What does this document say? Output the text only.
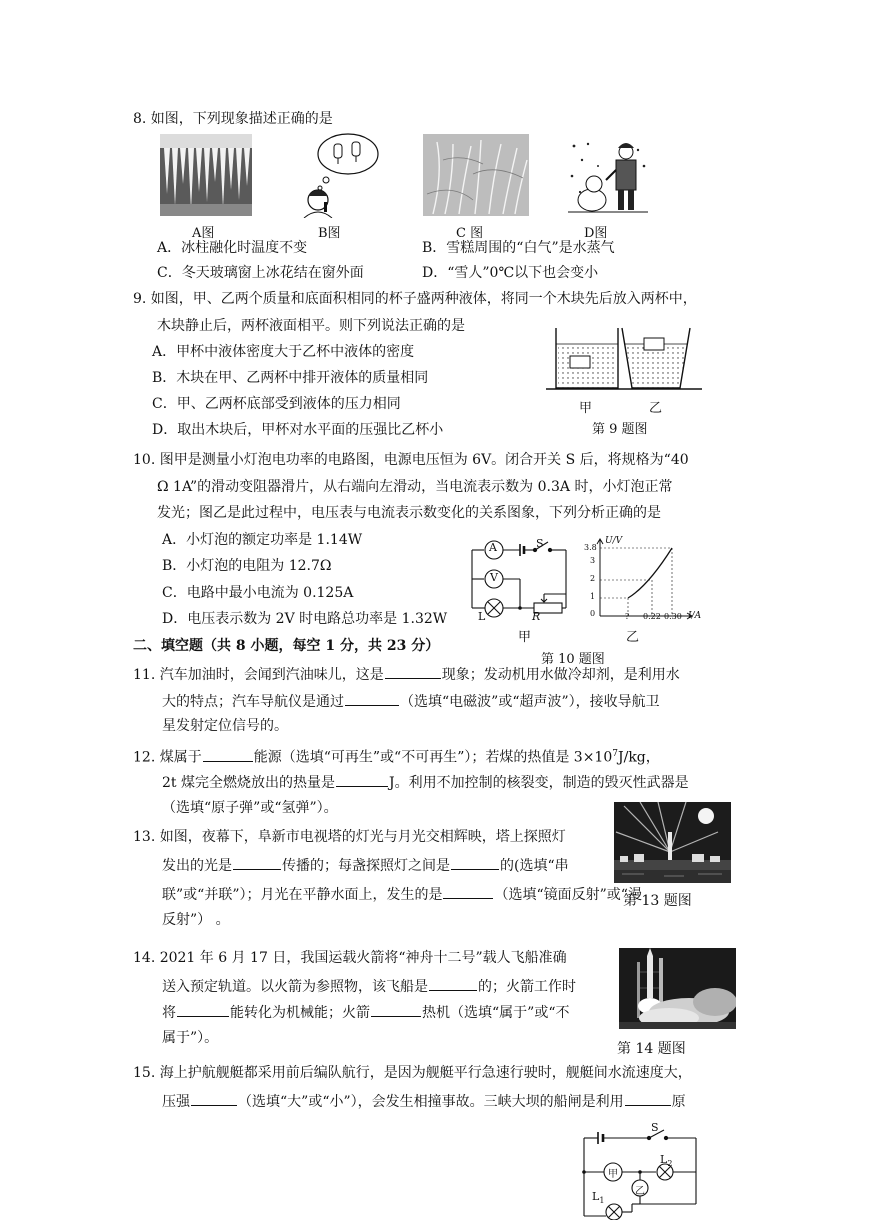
8. 如图，下列现象描述正确的是
A图	B图	C 图	D图
A．冰柱融化时温度不变	B．雪糕周围的“白气”是水蒸气
C．冬天玻璃窗上冰花结在窗外面	D．“雪人”0℃以下也会变小
9. 如图，甲、乙两个质量和底面积相同的杯子盛两种液体，将同一个木块先后放入两杯中，
木块静止后，两杯液面相平。则下列说法正确的是
A．甲杯中液体密度大于乙杯中液体的密度
B．木块在甲、乙两杯中排开液体的质量相同
C．甲、乙两杯底部受到液体的压力相同
D．取出木块后，甲杯对水平面的压强比乙杯小
甲	乙
第 9 题图
10. 图甲是测量小灯泡电功率的电路图，电源电压恒为 6V。闭合开关 S 后，将规格为“40
Ω 1A”的滑动变阻器滑片，从右端向左滑动，当电流表示数为 0.3A 时，小灯泡正常
发光；图乙是此过程中，电压表与电流表示数变化的关系图象，下列分析正确的是
A．小灯泡的额定功率是 1.14W
B．小灯泡的电阻为 12.7Ω
C．电路中最小电流为 0.125A
D．电压表示数为 2V 时电路总功率是 1.32W
A
V
S
L	R
甲
U/V
I/A
3.8
3
2
1
0	? 0.22 0.30
乙
第 10 题图
二、填空题（共 8 小题，每空 1 分，共 23 分）
11. 汽车加油时，会闻到汽油味儿，这是	现象；发动机用水做冷却剂，是利用水
大的特点；汽车导航仪是通过	（选填“电磁波”或“超声波”），接收导航卫
星发射定位信号的。
12. 煤属于	能源（选填“可再生”或“不可再生”）；若煤的热值是 $3\times 10^7J/kg$，
2t 煤完全燃烧放出的热量是	J。利用不加控制的核裂变，制造的毁灭性武器是
（选填“原子弹”或“氢弹”）。
13. 如图，夜幕下，阜新市电视塔的灯光与月光交相辉映，塔上探照灯
发出的光是	传播的；每盏探照灯之间是	的(选填“串
第 13 题图
联”或“并联”）；月光在平静水面上，发生的是	（选填“镜面反射”或“漫
反射”） 。
14. 2021 年 6 月 17 日，我国运载火箭将“神舟十二号”载人飞船准确
送入预定轨道。以火箭为参照物，该飞船是	的；火箭工作时
将	能转化为机械能；火箭	热机（选填“属于”或“不
属于”）。
第 14 题图
15. 海上护航舰艇都采用前后编队航行，是因为舰艇平行急速行驶时，舰艇间水流速度大，
压强	（选填“大”或“小”），会发生相撞事故。三峡大坝的船闸是利用	原
S
甲
乙
$L_1$
$L_2$
